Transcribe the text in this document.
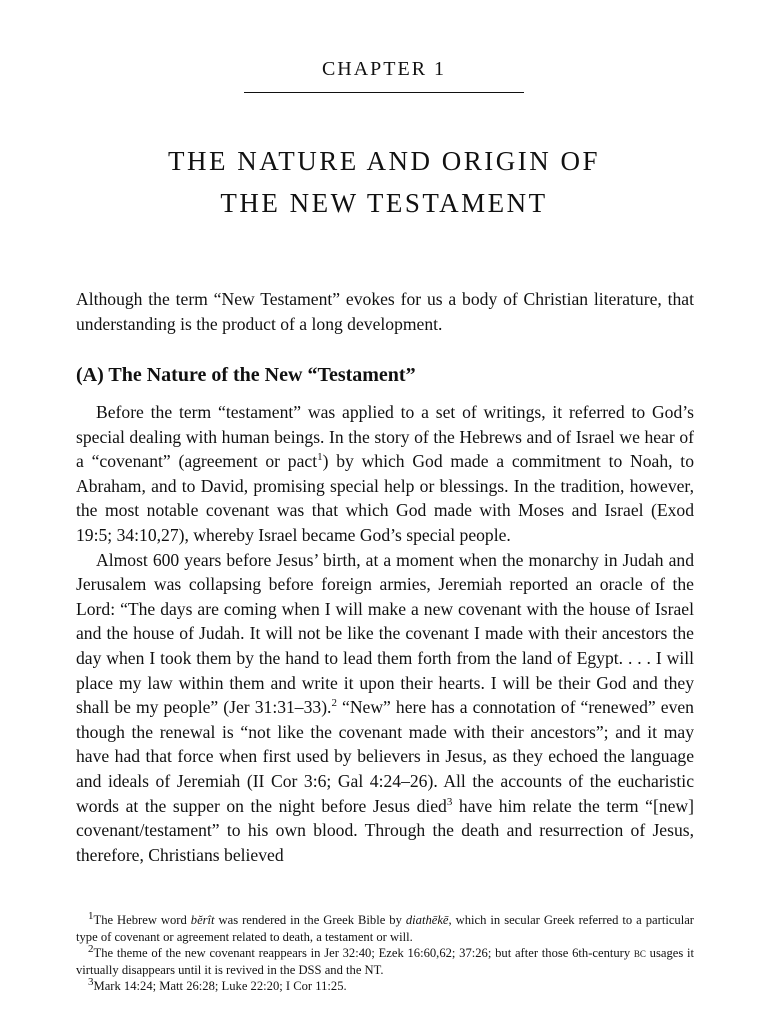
CHAPTER 1
THE NATURE AND ORIGIN OF
THE NEW TESTAMENT

Although the term “New Testament” evokes for us a body of Christian literature, that understanding is the product of a long development.

(A) The Nature of the New “Testament”

Before the term “testament” was applied to a set of writings, it referred to God’s special dealing with human beings. In the story of the Hebrews and of Israel we hear of a “covenant” (agreement or pact$^1$) by which God made a commitment to Noah, to Abraham, and to David, promising special help or blessings. In the tradition, however, the most notable covenant was that which God made with Moses and Israel (Exod 19:5; 34:10,27), whereby Israel became God’s special people.

Almost 600 years before Jesus’ birth, at a moment when the monarchy in Judah and Jerusalem was collapsing before foreign armies, Jeremiah reported an oracle of the Lord: “The days are coming when I will make a new covenant with the house of Israel and the house of Judah. It will not be like the covenant I made with their ancestors the day when I took them by the hand to lead them forth from the land of Egypt. . . . I will place my law within them and write it upon their hearts. I will be their God and they shall be my people” (Jer 31:31–33).$^2$ “New” here has a connotation of “renewed” even though the renewal is “not like the covenant made with their ancestors”; and it may have had that force when first used by believers in Jesus, as they echoed the language and ideals of Jeremiah (II Cor 3:6; Gal 4:24–26). All the accounts of the eucharistic words at the supper on the night before Jesus died$^3$ have him relate the term “[new] covenant/testament” to his own blood. Through the death and resurrection of Jesus, therefore, Christians believed

$^1$The Hebrew word bĕrît was rendered in the Greek Bible by diathēkē, which in secular Greek referred to a particular type of covenant or agreement related to death, a testament or will.

$^2$The theme of the new covenant reappears in Jer 32:40; Ezek 16:60,62; 37:26; but after those 6th-century bc usages it virtually disappears until it is revived in the DSS and the NT.

$^3$Mark 14:24; Matt 26:28; Luke 22:20; I Cor 11:25.
